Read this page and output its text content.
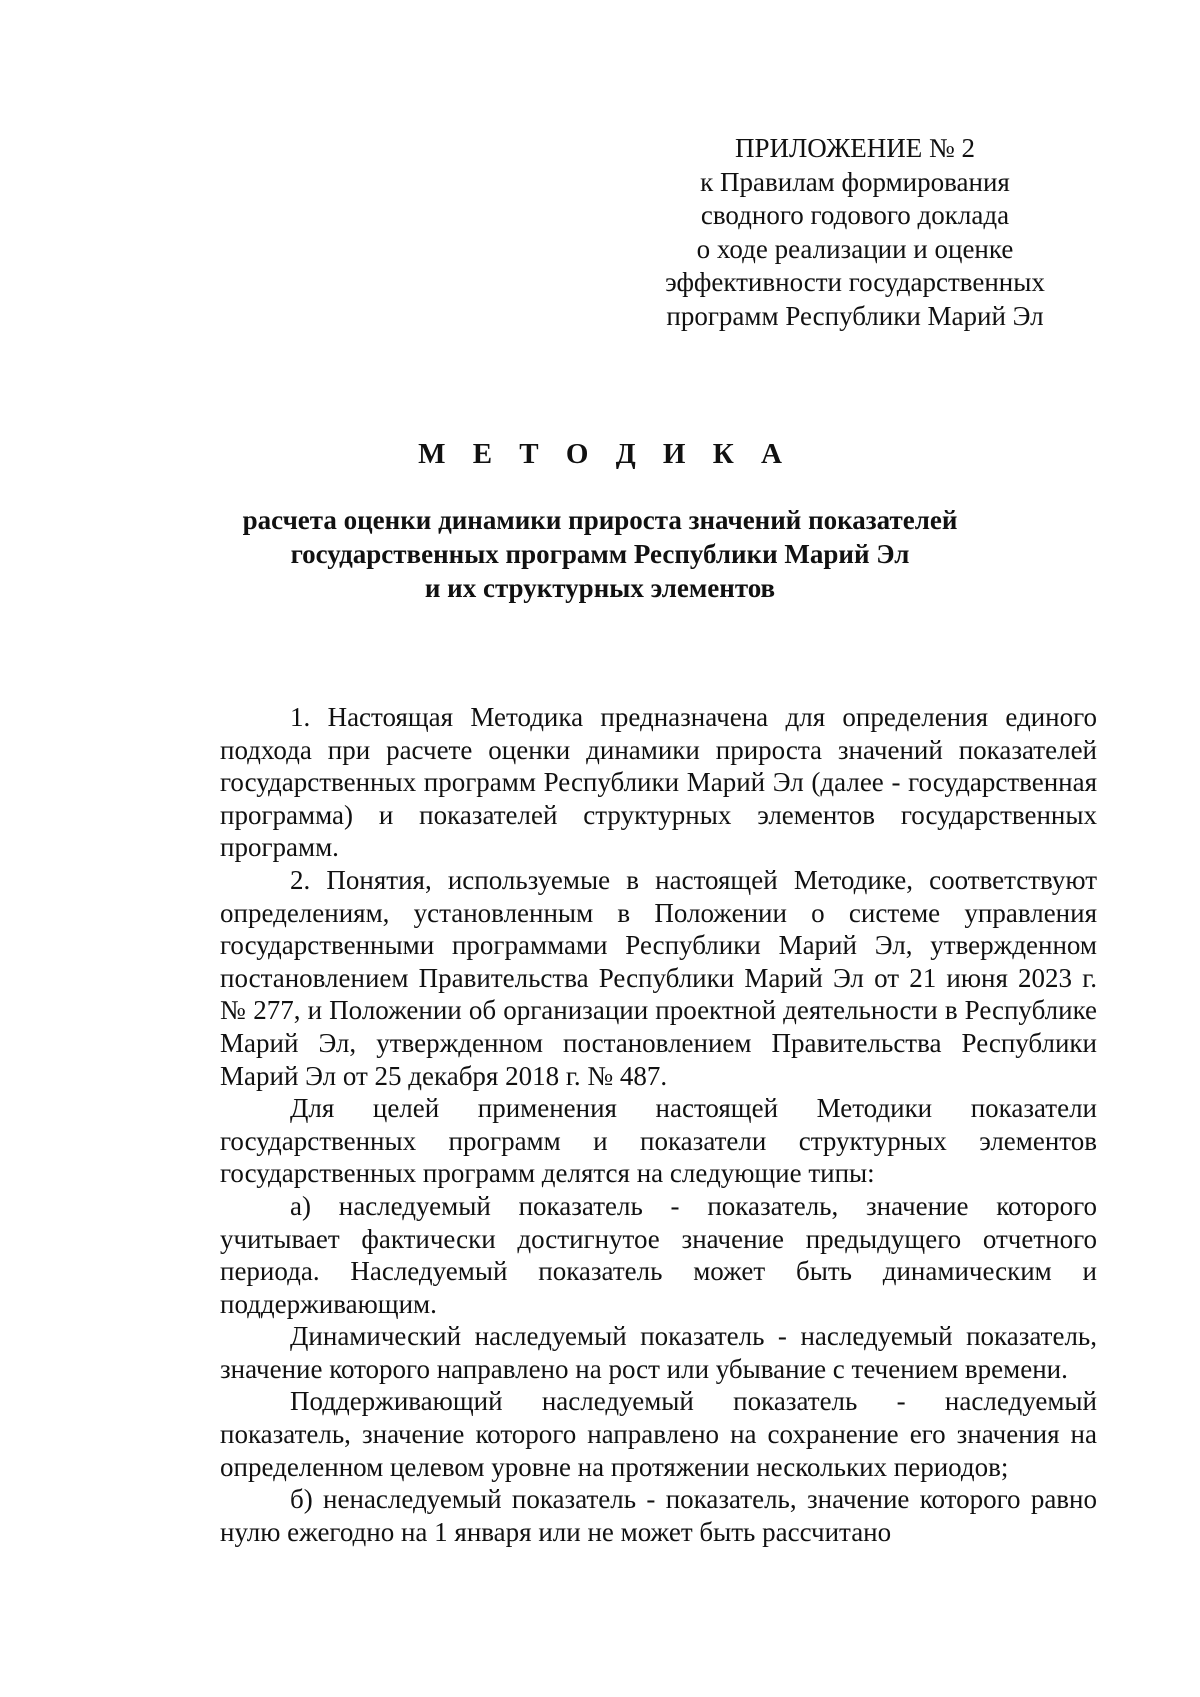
ПРИЛОЖЕНИЕ № 2
к Правилам формирования
сводного годового доклада
о ходе реализации и оценке
эффективности государственных
программ Республики Марий Эл
М Е Т О Д И К А
расчета оценки динамики прироста значений показателей
государственных программ Республики Марий Эл
и их структурных элементов

1. Настоящая Методика предназначена для определения единого подхода при расчете оценки динамики прироста значений показателей государственных программ Республики Марий Эл (далее - государственная программа) и показателей структурных элементов государственных программ.

2. Понятия, используемые в настоящей Методике, соответствуют определениям, установленным в Положении о системе управления государственными программами Республики Марий Эл, утвержденном постановлением Правительства Республики Марий Эл от 21 июня 2023 г. № 277, и Положении об организации проектной деятельности в Республике Марий Эл, утвержденном постановлением Правительства Республики Марий Эл от 25 декабря 2018 г. № 487.

Для целей применения настоящей Методики показатели государственных программ и показатели структурных элементов государственных программ делятся на следующие типы:

а) наследуемый показатель - показатель, значение которого учитывает фактически достигнутое значение предыдущего отчетного периода. Наследуемый показатель может быть динамическим и поддерживающим.

Динамический наследуемый показатель - наследуемый показатель, значение которого направлено на рост или убывание с течением времени.

Поддерживающий наследуемый показатель - наследуемый показатель, значение которого направлено на сохранение его значения на определенном целевом уровне на протяжении нескольких периодов;

б) ненаследуемый показатель - показатель, значение которого равно нулю ежегодно на 1 января или не может быть рассчитано
